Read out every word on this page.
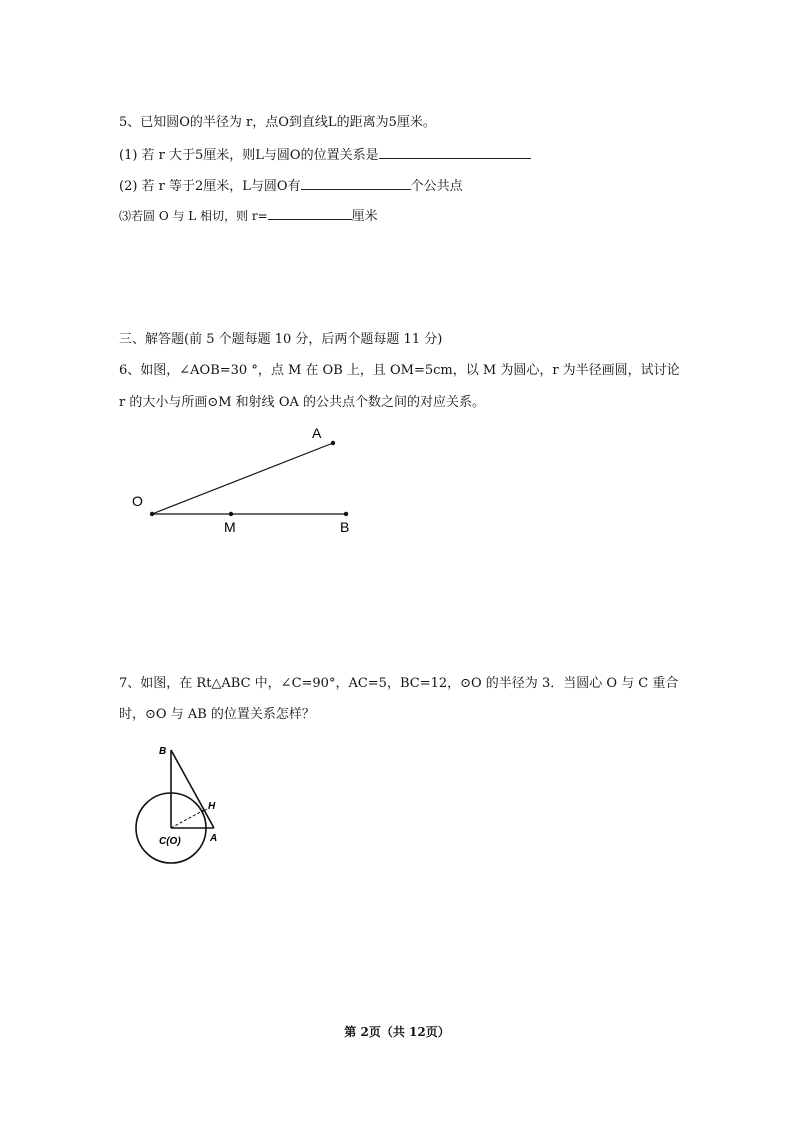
5、已知圆O的半径为 r，点O到直线L的距离为5厘米。
(1) 若 r 大于5厘米，则L与圆O的位置关系是
(2) 若 r 等于2厘米，L与圆O有	个公共点
⑶若圆 O 与 L 相切，则 r=	厘米
三、解答题(前 5 个题每题 10 分，后两个题每题 11 分)
6、如图，∠AOB=30 °，点 M 在 OB 上，且 OM=5cm，以 M 为圆心，r 为半径画圆，试讨论
r 的大小与所画⊙M 和射线 OA 的公共点个数之间的对应关系。
O
A
M	B
7、如图，在 Rt△ABC 中，∠C=90°，AC=5，BC=12，⊙O 的半径为 3．当圆心 O 与 C 重合
时，⊙O 与 AB 的位置关系怎样？
B
H
C(O)	A
第 2页（共 12页）
